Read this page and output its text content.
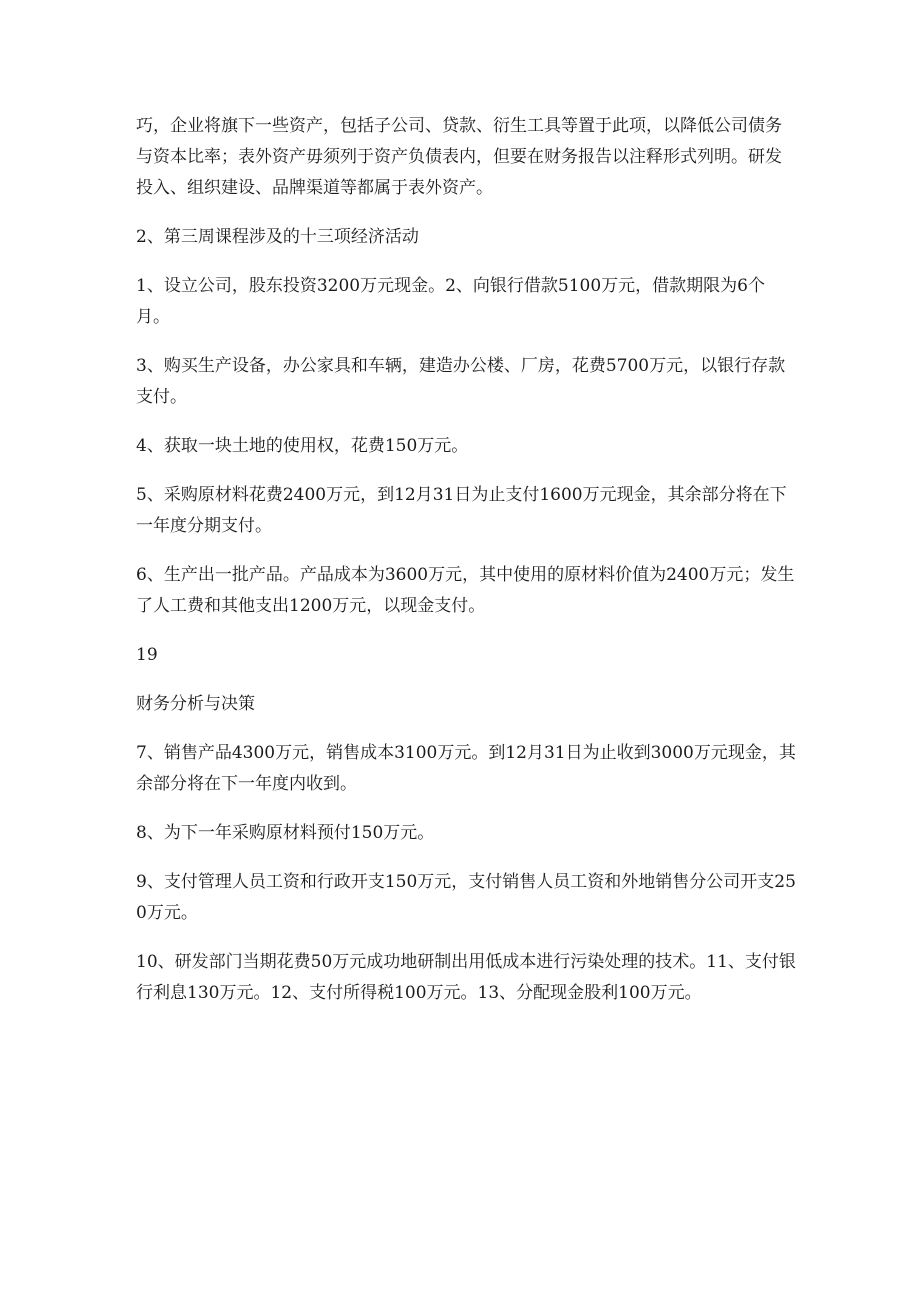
巧，企业将旗下一些资产，包括子公司、贷款、衍生工具等置于此项，以降低公司债务与资本比率；表外资产毋须列于资产负债表内，但要在财务报告以注释形式列明。研发投入、组织建设、品牌渠道等都属于表外资产。

2、第三周课程涉及的十三项经济活动

1、设立公司，股东投资3200万元现金。2、向银行借款5100万元，借款期限为6个月。

3、购买生产设备，办公家具和车辆，建造办公楼、厂房，花费5700万元，以银行存款支付。

4、获取一块土地的使用权，花费150万元。

5、采购原材料花费2400万元，到12月31日为止支付1600万元现金，其余部分将在下一年度分期支付。

6、生产出一批产品。产品成本为3600万元，其中使用的原材料价值为2400万元；发生了人工费和其他支出1200万元，以现金支付。

19

财务分析与决策

7、销售产品4300万元，销售成本3100万元。到12月31日为止收到3000万元现金，其余部分将在下一年度内收到。

8、为下一年采购原材料预付150万元。

9、支付管理人员工资和行政开支150万元，支付销售人员工资和外地销售分公司开支250万元。

10、研发部门当期花费50万元成功地研制出用低成本进行污染处理的技术。11、支付银行利息130万元。12、支付所得税100万元。13、分配现金股利100万元。
